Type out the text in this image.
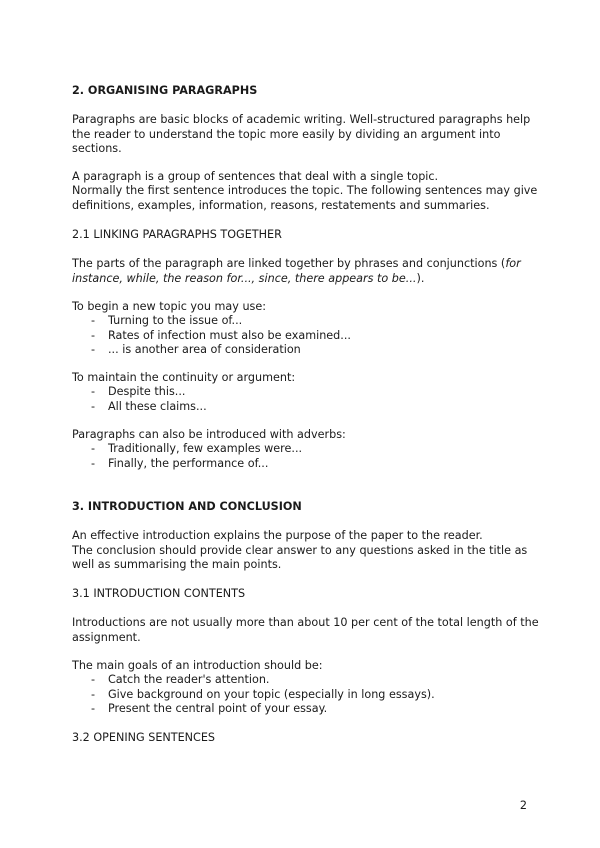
2. ORGANISING PARAGRAPHS

Paragraphs are basic blocks of academic writing. Well-structured paragraphs help the reader to understand the topic more easily by dividing an argument into sections.

A paragraph is a group of sentences that deal with a single topic.

Normally the first sentence introduces the topic. The following sentences may give definitions, examples, information, reasons, restatements and summaries.

2.1 LINKING PARAGRAPHS TOGETHER

The parts of the paragraph are linked together by phrases and conjunctions (for instance, while, the reason for..., since, there appears to be...).

To begin a new topic you may use:

- Turning to the issue of...
- Rates of infection must also be examined...
- ... is another area of consideration

To maintain the continuity or argument:

- Despite this...
- All these claims...

Paragraphs can also be introduced with adverbs:

- Traditionally, few examples were...
- Finally, the performance of...

3. INTRODUCTION AND CONCLUSION

An effective introduction explains the purpose of the paper to the reader.

The conclusion should provide clear answer to any questions asked in the title as well as summarising the main points.

3.1 INTRODUCTION CONTENTS

Introductions are not usually more than about 10 per cent of the total length of the assignment.

The main goals of an introduction should be:

- Catch the reader's attention.
- Give background on your topic (especially in long essays).
- Present the central point of your essay.

3.2 OPENING SENTENCES

2
